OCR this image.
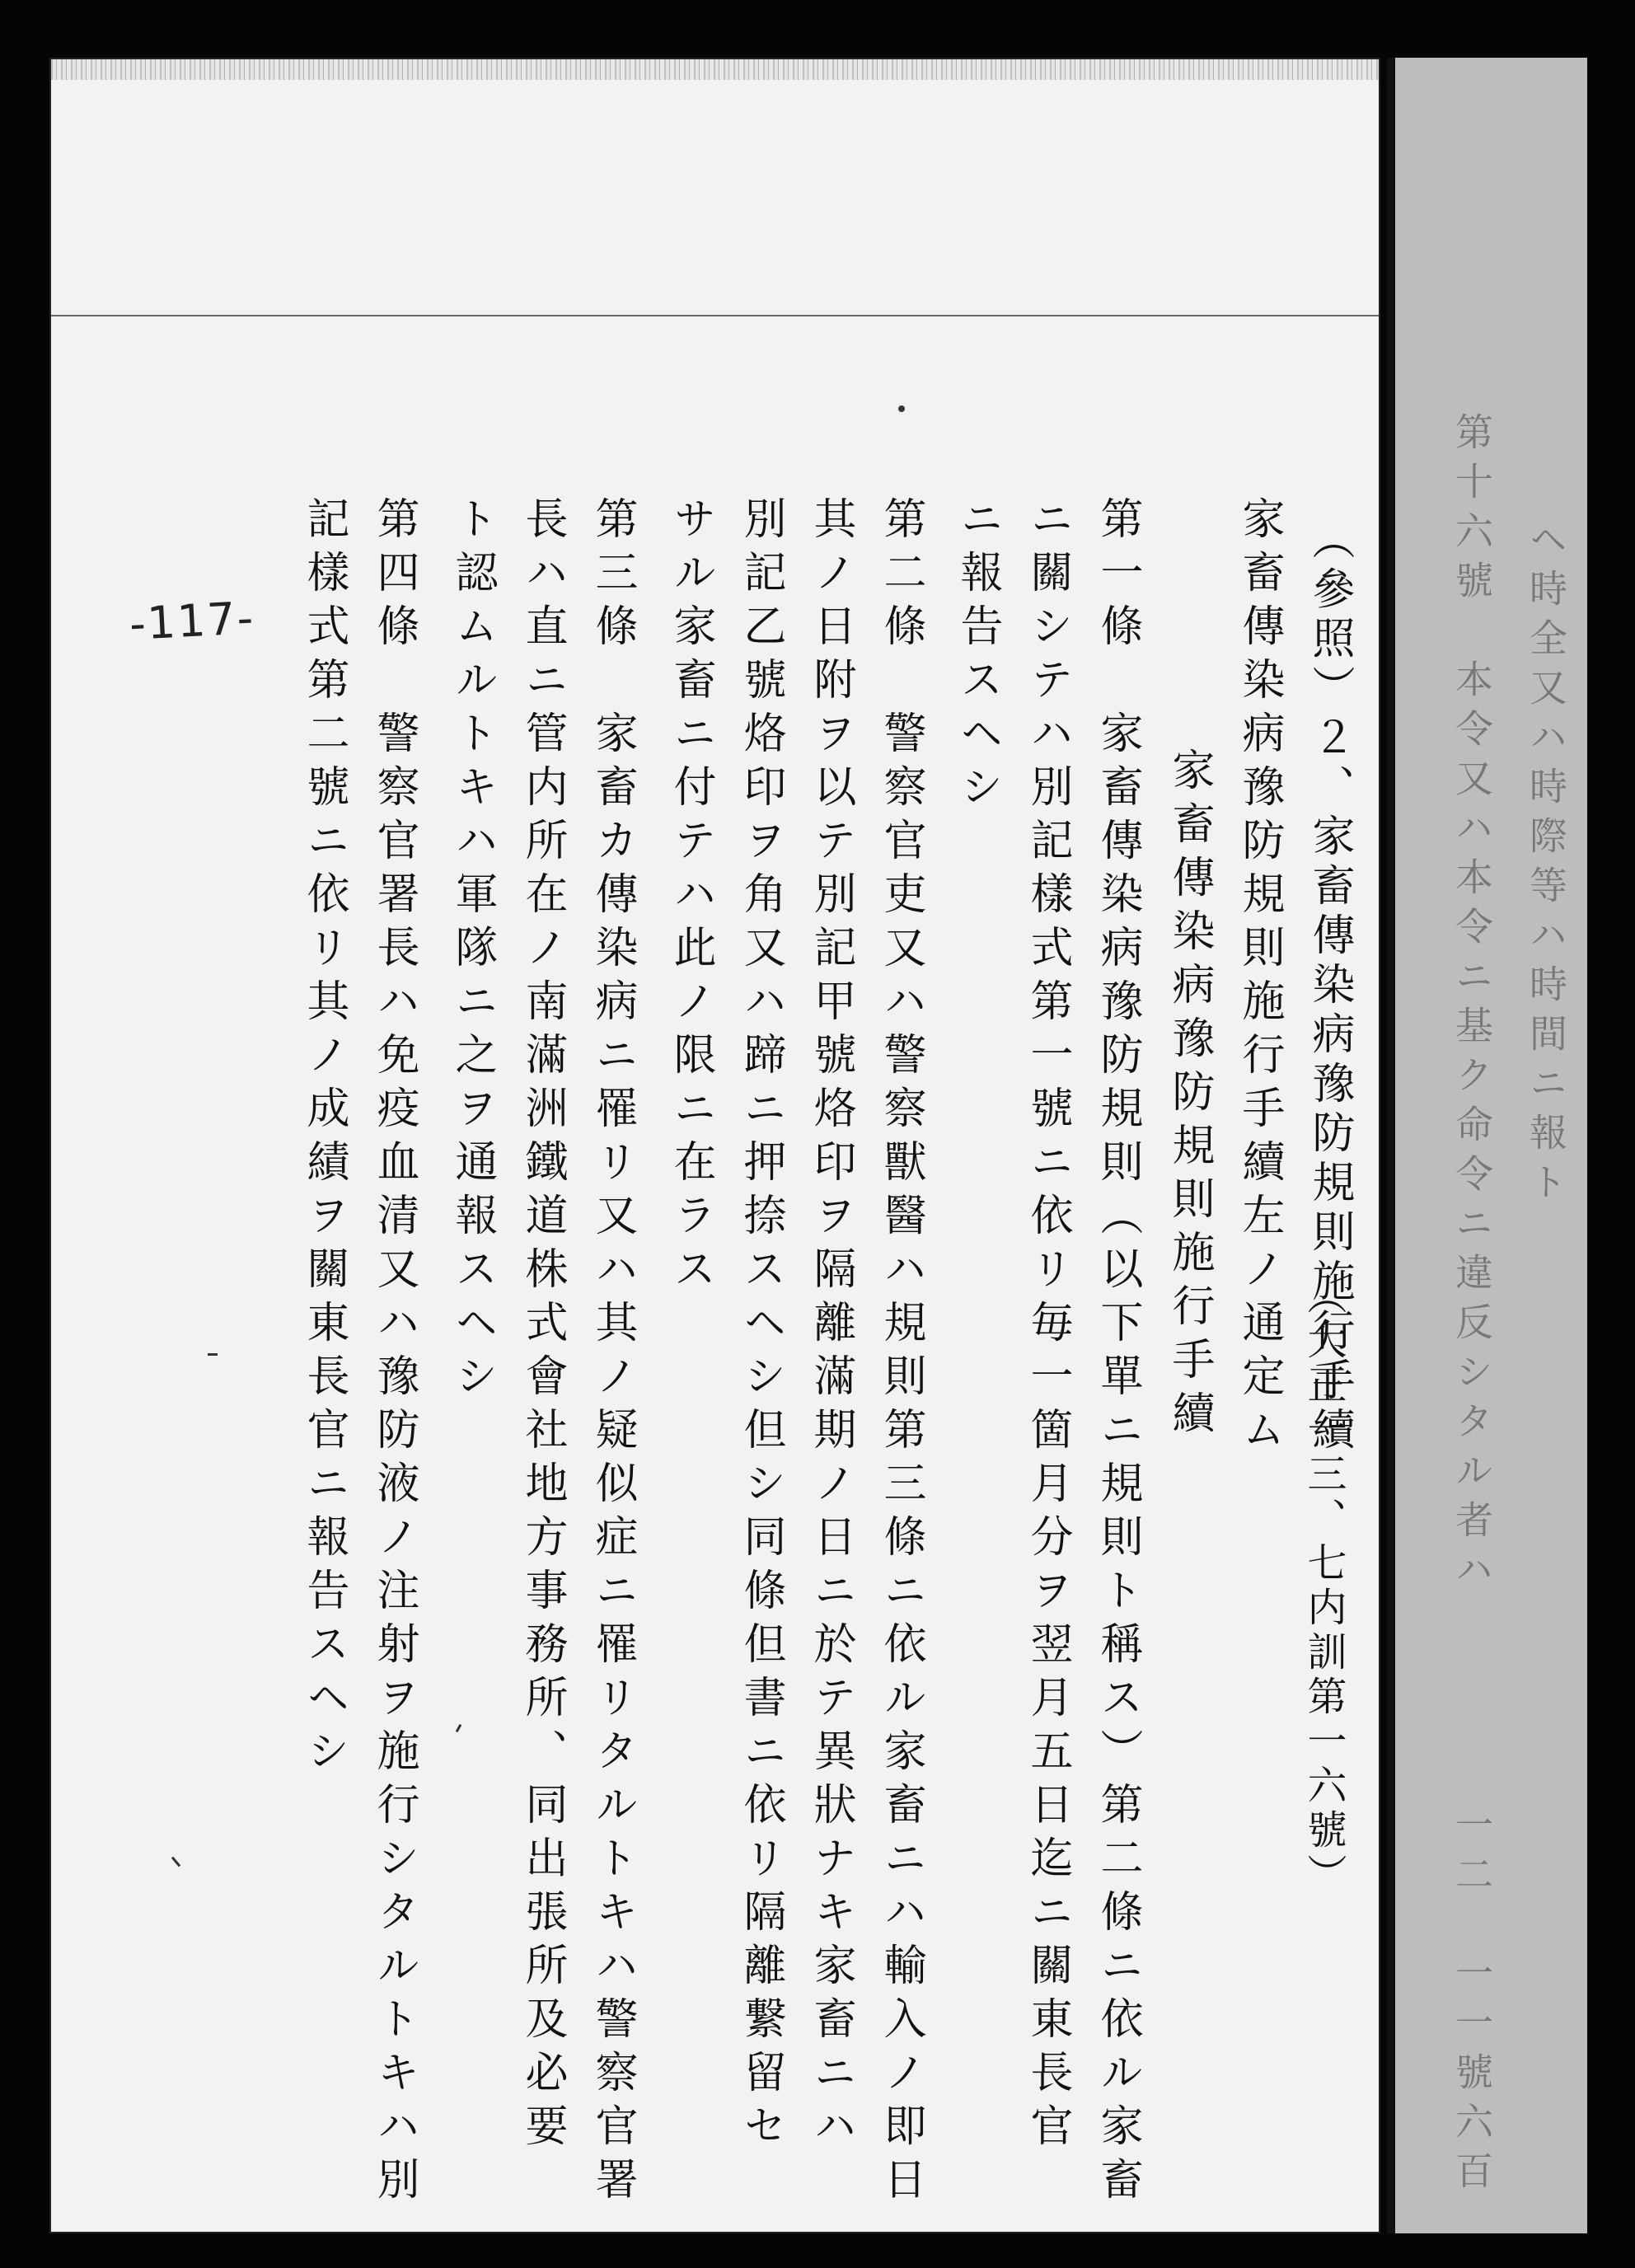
（參照）２、家畜傳染病豫防規則施行手續
（大正一三、七内訓第一六號）
家畜傳染病豫防規則施行手續左ノ通定ム
家畜傳染病豫防規則施行手續
第一條　家畜傳染病豫防規則（以下單ニ規則ト稱ス）第二條ニ依ル家畜
ニ關シテハ別記樣式第一號ニ依リ毎一箇月分ヲ翌月五日迄ニ關東長官
ニ報告スヘシ
第二條　警察官吏又ハ警察獸醫ハ規則第三條ニ依ル家畜ニハ輸入ノ即日
其ノ日附ヲ以テ別記甲號烙印ヲ隔離滿期ノ日ニ於テ異狀ナキ家畜ニハ
別記乙號烙印ヲ角又ハ蹄ニ押捺スヘシ但シ同條但書ニ依リ隔離繋留セ
サル家畜ニ付テハ此ノ限ニ在ラス
第三條　家畜カ傳染病ニ罹リ又ハ其ノ疑似症ニ罹リタルトキハ警察官署
長ハ直ニ管内所在ノ南滿洲鐵道株式會社地方事務所、同出張所及必要
ト認ムルトキハ軍隊ニ之ヲ通報スヘシ
第四條　警察官署長ハ免疫血清又ハ豫防液ノ注射ヲ施行シタルトキハ別
記樣式第二號ニ依リ其ノ成績ヲ關東長官ニ報告スヘシ
-117-	ヘ時全又ハ時際等ハ時間ニ報ト
第十六號　本令又ハ本令ニ基ク命令ニ違反シタル者ハ
一二　一一號六百
